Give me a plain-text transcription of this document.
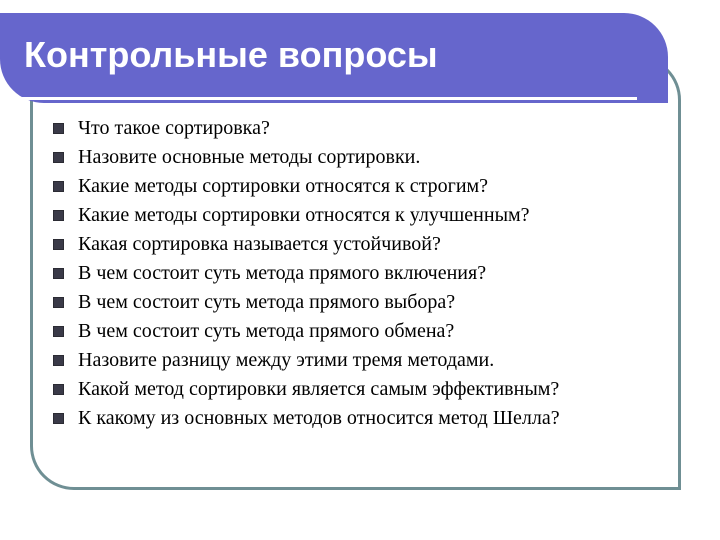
Контрольные вопросы
Что такое сортировка?
Назовите основные методы сортировки.
Какие методы сортировки относятся к строгим?
Какие методы сортировки относятся к улучшенным?
Какая сортировка называется устойчивой?
В чем состоит суть метода прямого включения?
В чем состоит суть метода прямого выбора?
В чем состоит суть метода прямого обмена?
Назовите разницу между этими тремя методами.
Какой метод сортировки является самым эффективным?
К какому из основных методов относится метод Шелла?
